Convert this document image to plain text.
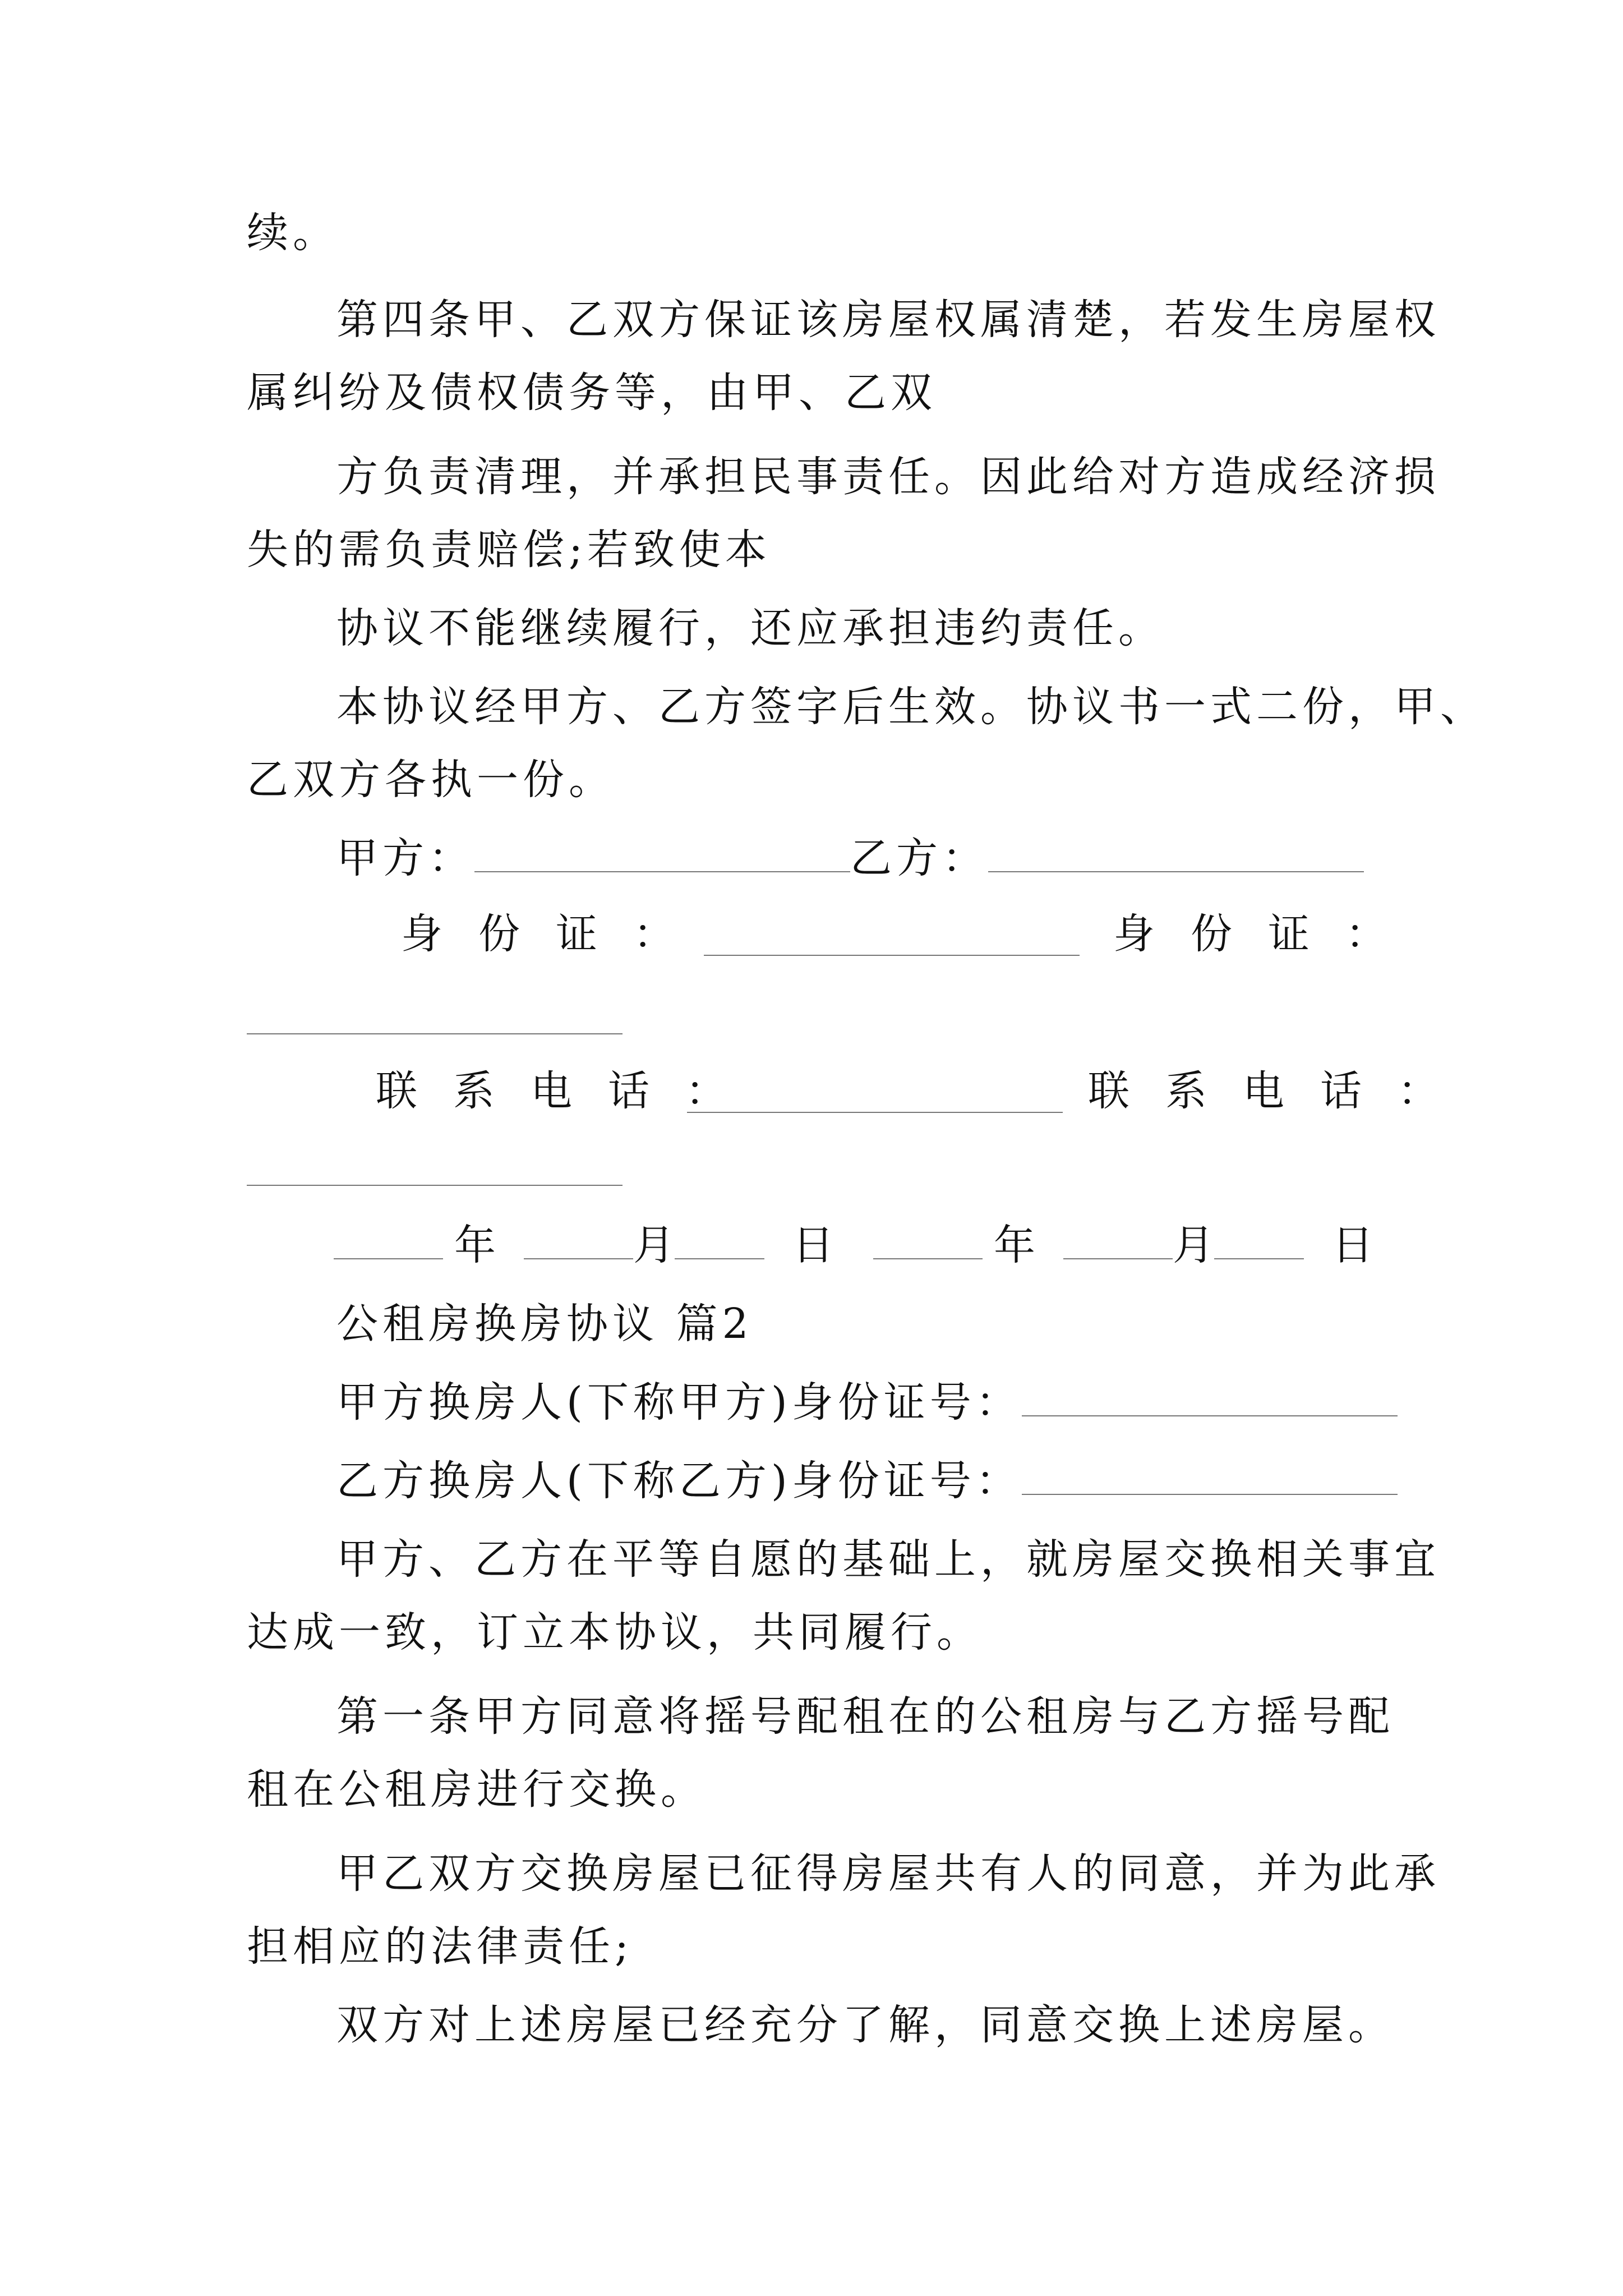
续。
第四条甲、乙双方保证该房屋权属清楚，若发生房屋权
属纠纷及债权债务等，由甲、乙双
方负责清理，并承担民事责任。因此给对方造成经济损
失的需负责赔偿;若致使本
协议不能继续履行，还应承担违约责任。
本协议经甲方、乙方签字后生效。协议书一式二份，甲、
乙双方各执一份。
甲方：	乙方：
身份证：	身份证：
联系电话：	联系电话：
年	月	日	年	月	日
公租房换房协议 篇2
甲方换房人(下称甲方)身份证号：
乙方换房人(下称乙方)身份证号：
甲方、乙方在平等自愿的基础上，就房屋交换相关事宜
达成一致，订立本协议，共同履行。
第一条甲方同意将摇号配租在的公租房与乙方摇号配
租在公租房进行交换。
甲乙双方交换房屋已征得房屋共有人的同意，并为此承
担相应的法律责任;
双方对上述房屋已经充分了解，同意交换上述房屋。
